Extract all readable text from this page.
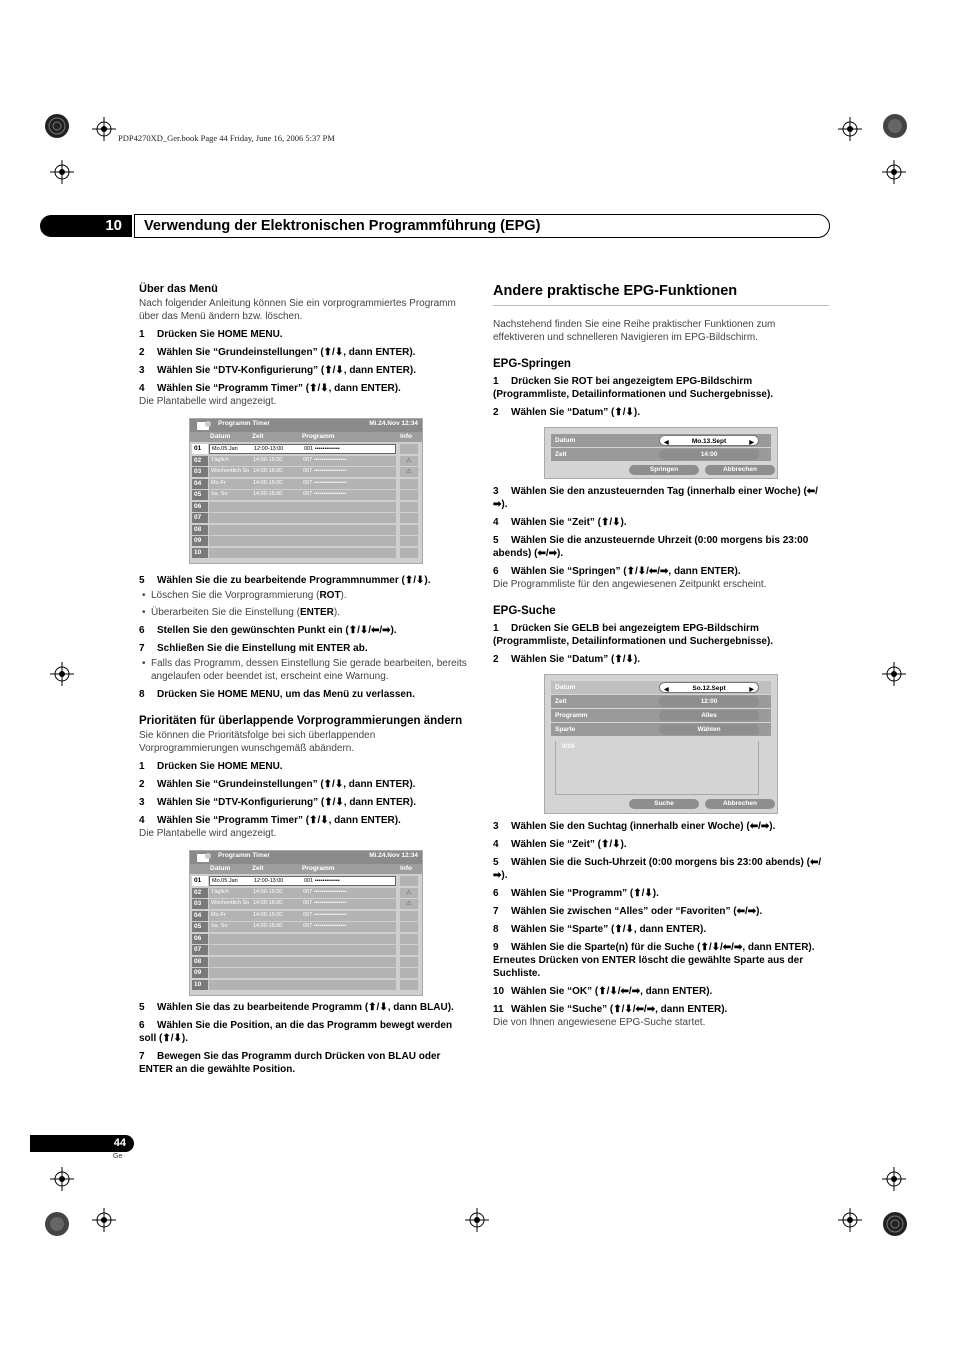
PDP4270XD_Ger.book Page 44 Friday, June 16, 2006 5:37 PM
10	Verwendung der Elektronischen Programmführung (EPG)
Über das Menü
Nach folgender Anleitung können Sie ein vorprogrammiertes Programm über das Menü ändern bzw. löschen.
1 Drücken Sie HOME MENU.
2 Wählen Sie “Grundeinstellungen” (⬆/⬇, dann ENTER).
3 Wählen Sie “DTV-Konfigurierung” (⬆/⬇, dann ENTER).
4 Wählen Sie “Programm Timer” (⬆/⬇, dann ENTER).
Die Plantabelle wird angezeigt.
Programm Timer	Mi.24.Nov 12:34
Datum	Zeit	Programm	Info
01	Mo.05.Jan	12:00-13:00	001 •••••••••••••
02	Täglich	14:00-15:00	007 •••••••••••••••••	⚠
03	Wöchentlich So 14:00-15:00	007 •••••••••••••••••	⚠
04	Mo-Fr	14:00-15:00	007 •••••••••••••••••
05	Sa, So	14:00-15:00	007 •••••••••••••••••
06
07
08
09
10
5 Wählen Sie die zu bearbeitende Programmnummer (⬆/⬇).
• Löschen Sie die Vorprogrammierung (ROT).
• Überarbeiten Sie die Einstellung (ENTER).
6 Stellen Sie den gewünschten Punkt ein (⬆/⬇/⬅/➡).
7 Schließen Sie die Einstellung mit ENTER ab.
• Falls das Programm, dessen Einstellung Sie gerade bearbeiten, bereits angelaufen oder beendet ist, erscheint eine Warnung.
8 Drücken Sie HOME MENU, um das Menü zu verlassen.
Prioritäten für überlappende Vorprogrammierungen ändern
Sie können die Prioritätsfolge bei sich überlappenden Vorprogrammierungen wunschgemäß abändern.
1 Drücken Sie HOME MENU.
2 Wählen Sie “Grundeinstellungen” (⬆/⬇, dann ENTER).
3 Wählen Sie “DTV-Konfigurierung” (⬆/⬇, dann ENTER).
4 Wählen Sie “Programm Timer” (⬆/⬇, dann ENTER).
Die Plantabelle wird angezeigt.
Programm Timer	Mi.24.Nov 12:34
Datum	Zeit	Programm	Info
01	Mo.05.Jan	12:00-13:00	001 •••••••••••••
02	Täglich	14:00-15:00	007 •••••••••••••••••	⚠
03	Wöchentlich So 14:00-15:00	007 •••••••••••••••••	⚠
04	Mo-Fr	14:00-15:00	007 •••••••••••••••••
05	Sa, So	14:00-15:00	007 •••••••••••••••••
06
07
08
09
10
5 Wählen Sie das zu bearbeitende Programm (⬆/⬇, dann BLAU).
6 Wählen Sie die Position, an die das Programm bewegt werden soll (⬆/⬇).
7 Bewegen Sie das Programm durch Drücken von BLAU oder ENTER an die gewählte Position.
Andere praktische EPG-Funktionen
Nachstehend finden Sie eine Reihe praktischer Funktionen zum effektiveren und schnelleren Navigieren im EPG-Bildschirm.
EPG-Springen
1 Drücken Sie ROT bei angezeigtem EPG-Bildschirm (Programmliste, Detailinformationen und Suchergebnisse).
2 Wählen Sie “Datum” (⬆/⬇).
Datum	◀	Mo.13.Sept	▶
Zeit	14:00
Springen	Abbrechen
3 Wählen Sie den anzusteuernden Tag (innerhalb einer Woche) (⬅/➡).
4 Wählen Sie “Zeit” (⬆/⬇).
5 Wählen Sie die anzusteuernde Uhrzeit (0:00 morgens bis 23:00 abends) (⬅/➡).
6 Wählen Sie “Springen” (⬆/⬇/⬅/➡, dann ENTER).
Die Programmliste für den angewiesenen Zeitpunkt erscheint.
EPG-Suche
1 Drücken Sie GELB bei angezeigtem EPG-Bildschirm (Programmliste, Detailinformationen und Suchergebnisse).
2 Wählen Sie “Datum” (⬆/⬇).
Datum	◀	So.12.Sept	▶
Zeit	12:00
Programm	Alles
Sparte	Wählen
0/16
Suche	Abbrechen
3 Wählen Sie den Suchtag (innerhalb einer Woche) (⬅/➡).
4 Wählen Sie “Zeit” (⬆/⬇).
5 Wählen Sie die Such-Uhrzeit (0:00 morgens bis 23:00 abends) (⬅/➡).
6 Wählen Sie “Programm” (⬆/⬇).
7 Wählen Sie zwischen “Alles” oder “Favoriten” (⬅/➡).
8 Wählen Sie “Sparte” (⬆/⬇, dann ENTER).
9 Wählen Sie die Sparte(n) für die Suche (⬆/⬇/⬅/➡, dann ENTER). Erneutes Drücken von ENTER löscht die gewählte Sparte aus der Suchliste.
10 Wählen Sie “OK” (⬆/⬇/⬅/➡, dann ENTER).
11 Wählen Sie “Suche” (⬆/⬇/⬅/➡, dann ENTER).
Die von Ihnen angewiesene EPG-Suche startet.
44
Ge
